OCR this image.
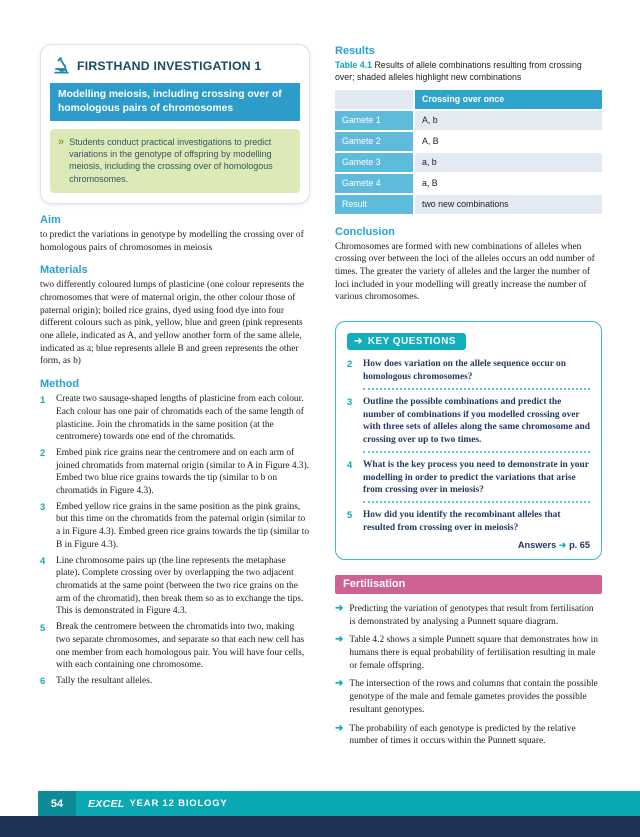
FIRSTHAND INVESTIGATION 1
Modelling meiosis, including crossing over of homologous pairs of chromosomes
» Students conduct practical investigations to predict variations in the genotype of offspring by modelling meiosis, including the crossing over of homologous chromosomes.
Aim
to predict the variations in genotype by modelling the crossing over of homologous pairs of chromosomes in meiosis
Materials
two differently coloured lumps of plasticine (one colour represents the chromosomes that were of maternal origin, the other colour those of paternal origin); boiled rice grains, dyed using food dye into four different colours such as pink, yellow, blue and green (pink represents one allele, indicated as A, and yellow another form of the same allele, indicated as a; blue represents allele B and green represents the other form, as b)
Method
1	Create two sausage-shaped lengths of plasticine from each colour. Each colour has one pair of chromatids each of the same length of plasticine. Join the chromatids in the same position (at the centromere) towards one end of the chromatids.
2	Embed pink rice grains near the centromere and on each arm of joined chromatids from maternal origin (similar to A in Figure 4.3). Embed two blue rice grains towards the tip (similar to b on chromatids in Figure 4.3).
3	Embed yellow rice grains in the same position as the pink grains, but this time on the chromatids from the paternal origin (similar to a in Figure 4.3). Embed green rice grains towards the tip (similar to B in Figure 4.3).
4	Line chromosome pairs up (the line represents the metaphase plate). Complete crossing over by overlapping the two adjacent chromatids at the same point (between the two rice grains on the arm of the chromatid), then break them so as to exchange the tips. This is demonstrated in Figure 4.3.
5	Break the centromere between the chromatids into two, making two separate chromosomes, and separate so that each new cell has one member from each homologous pair. You will have four cells, with each containing one chromosome.
6	Tally the resultant alleles.
Results
Table 4.1 Results of allele combinations resulting from crossing over; shaded alleles highlight new combinations
	Crossing over once
Gamete 1	A, b
Gamete 2	A, B
Gamete 3	a, b
Gamete 4	a, B
Result	two new combinations
Conclusion
Chromosomes are formed with new combinations of alleles when crossing over between the loci of the alleles occurs an odd number of times. The greater the variety of alleles and the larger the number of loci included in your modelling will greatly increase the number of various chromosomes.
➜ KEY QUESTIONS
2	How does variation on the allele sequence occur on homologous chromosomes?
3	Outline the possible combinations and predict the number of combinations if you modelled crossing over with three sets of alleles along the same chromosome and crossing over up to two times.
4	What is the key process you need to demonstrate in your modelling in order to predict the variations that arise from crossing over in meiosis?
5	How did you identify the recombinant alleles that resulted from crossing over in meiosis?
Answers ➜ p. 65
Fertilisation
➜ Predicting the variation of genotypes that result from fertilisation is demonstrated by analysing a Punnett square diagram.
➜ Table 4.2 shows a simple Punnett square that demonstrates how in humans there is equal probability of fertilisation resulting in male or female offspring.
➜ The intersection of the rows and columns that contain the possible genotype of the male and female gametes provides the possible resultant genotypes.
➜ The probability of each genotype is predicted by the relative number of times it occurs within the Punnett square.
54	EXCEL YEAR 12 BIOLOGY
